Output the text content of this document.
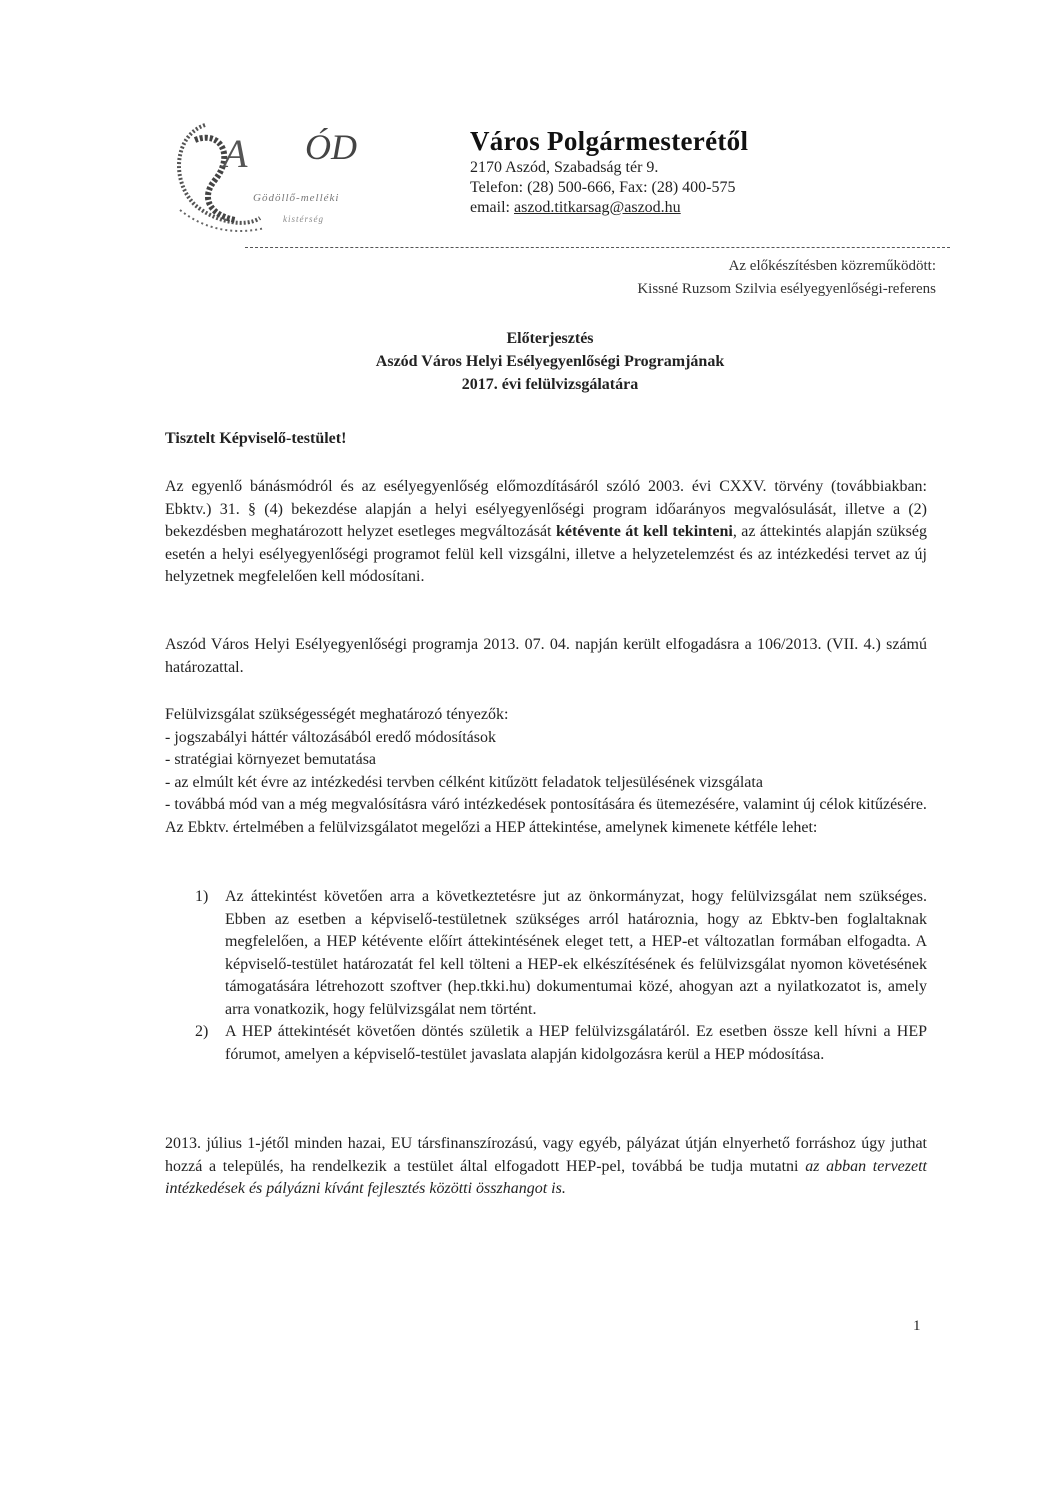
A ÓD
Gödöllő-melléki
kistérség
Város Polgármesterétől
2170 Aszód, Szabadság tér 9.
Telefon: (28) 500-666, Fax: (28) 400-575
email: aszod.titkarsag@aszod.hu
Az előkészítésben közreműködött:
Kissné Ruzsom Szilvia esélyegyenlőségi-referens
Előterjesztés
Aszód Város Helyi Esélyegyenlőségi Programjának
2017. évi felülvizsgálatára
Tisztelt Képviselő-testület!
Az egyenlő bánásmódról és az esélyegyenlőség előmozdításáról szóló 2003. évi CXXV. törvény (továbbiakban: Ebktv.) 31. § (4) bekezdése alapján a helyi esélyegyenlőségi program időarányos megvalósulását, illetve a (2) bekezdésben meghatározott helyzet esetleges megváltozását kétévente át kell tekinteni, az áttekintés alapján szükség esetén a helyi esélyegyenlőségi programot felül kell vizsgálni, illetve a helyzetelemzést és az intézkedési tervet az új helyzetnek megfelelően kell módosítani.
Aszód Város Helyi Esélyegyenlőségi programja 2013. 07. 04. napján került elfogadásra a 106/2013. (VII. 4.) számú határozattal.
Felülvizsgálat szükségességét meghatározó tényezők:
- jogszabályi háttér változásából eredő módosítások
- stratégiai környezet bemutatása
- az elmúlt két évre az intézkedési tervben célként kitűzött feladatok teljesülésének vizsgálata
- továbbá mód van a még megvalósításra váró intézkedések pontosítására és ütemezésére, valamint új célok kitűzésére.
Az Ebktv. értelmében a felülvizsgálatot megelőzi a HEP áttekintése, amelynek kimenete kétféle lehet:
1)	Az áttekintést követően arra a következtetésre jut az önkormányzat, hogy felülvizsgálat nem szükséges. Ebben az esetben a képviselő-testületnek szükséges arról határoznia, hogy az Ebktv-ben foglaltaknak megfelelően, a HEP kétévente előírt áttekintésének eleget tett, a HEP-et változatlan formában elfogadta. A képviselő-testület határozatát fel kell tölteni a HEP-ek elkészítésének és felülvizsgálat nyomon követésének támogatására létrehozott szoftver (hep.tkki.hu) dokumentumai közé, ahogyan azt a nyilatkozatot is, amely arra vonatkozik, hogy felülvizsgálat nem történt.
2)	A HEP áttekintését követően döntés születik a HEP felülvizsgálatáról. Ez esetben össze kell hívni a HEP fórumot, amelyen a képviselő-testület javaslata alapján kidolgozásra kerül a HEP módosítása.
2013. július 1-jétől minden hazai, EU társfinanszírozású, vagy egyéb, pályázat útján elnyerhető forráshoz úgy juthat hozzá a település, ha rendelkezik a testület által elfogadott HEP-pel, továbbá be tudja mutatni az abban tervezett intézkedések és pályázni kívánt fejlesztés közötti összhangot is.
1
